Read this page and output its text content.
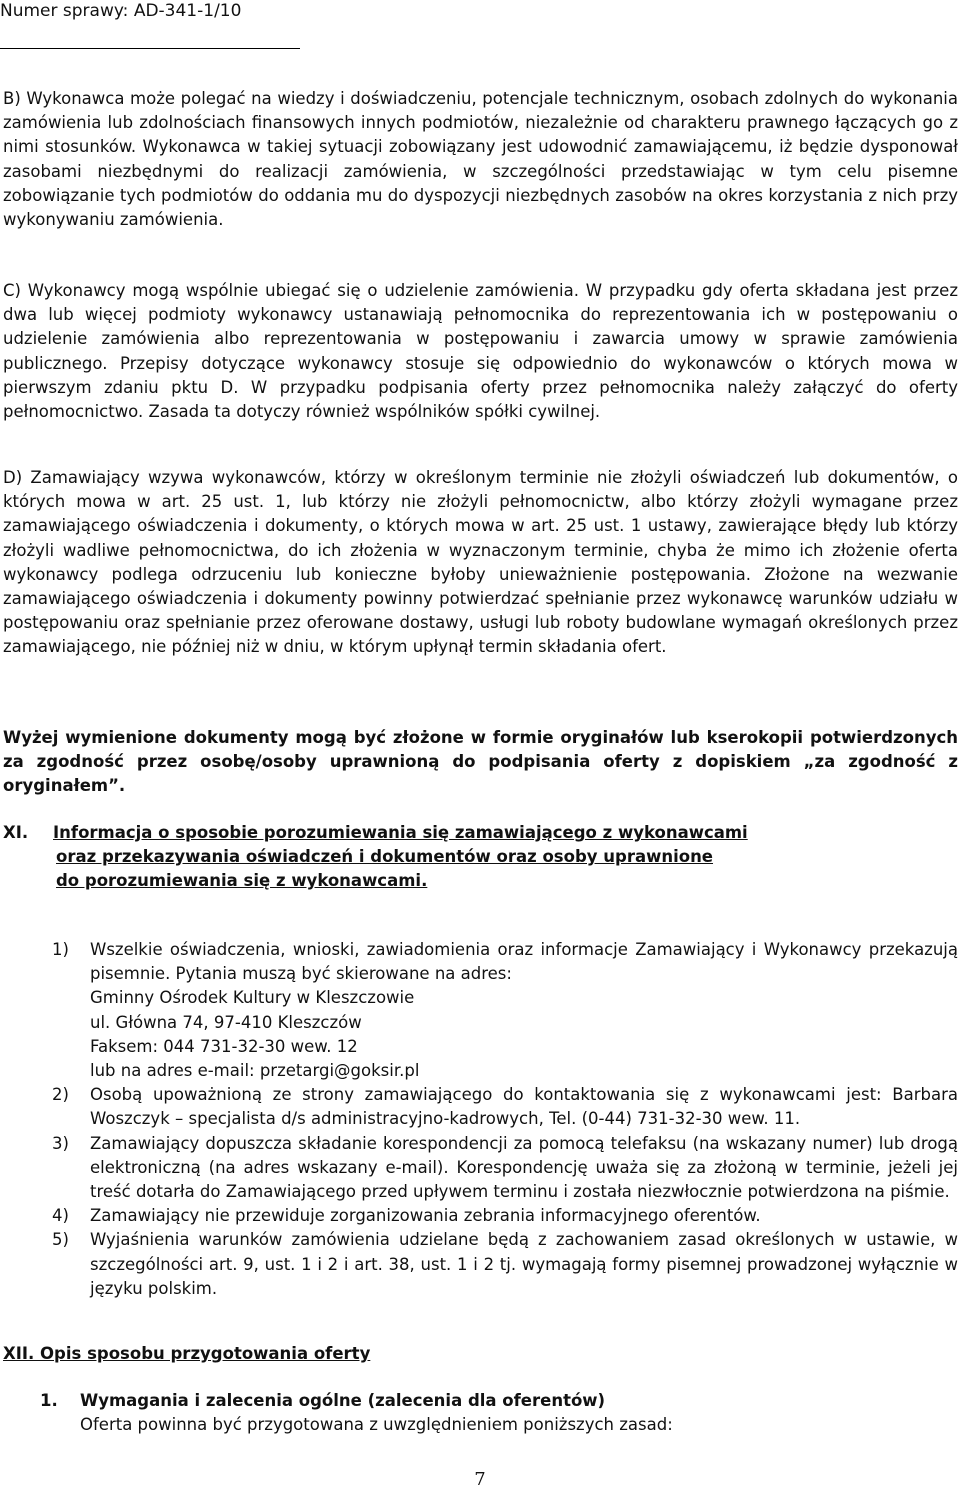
Numer sprawy: AD-341-1/10

B) Wykonawca może polegać na wiedzy i doświadczeniu, potencjale technicznym, osobach zdolnych do wykonania zamówienia lub zdolnościach finansowych innych podmiotów, niezależnie od charakteru prawnego łączących go z nimi stosunków. Wykonawca w takiej sytuacji zobowiązany jest udowodnić zamawiającemu, iż będzie dysponował zasobami niezbędnymi do realizacji zamówienia, w szczególności przedstawiając w tym celu pisemne zobowiązanie tych podmiotów do oddania mu do dyspozycji niezbędnych zasobów na okres korzystania z nich przy wykonywaniu zamówienia.

C) Wykonawcy mogą wspólnie ubiegać się o udzielenie zamówienia. W przypadku gdy oferta składana jest przez dwa lub więcej podmioty wykonawcy ustanawiają pełnomocnika do reprezentowania ich w postępowaniu o udzielenie zamówienia albo reprezentowania w postępowaniu i zawarcia umowy w sprawie zamówienia publicznego. Przepisy dotyczące wykonawcy stosuje się odpowiednio do wykonawców o których mowa w pierwszym zdaniu pktu D. W przypadku podpisania oferty przez pełnomocnika należy załączyć do oferty pełnomocnictwo. Zasada ta dotyczy również wspólników spółki cywilnej.

D) Zamawiający wzywa wykonawców, którzy w określonym terminie nie złożyli oświadczeń lub dokumentów, o których mowa w art. 25 ust. 1, lub którzy nie złożyli pełnomocnictw, albo którzy złożyli wymagane przez zamawiającego oświadczenia i dokumenty, o których mowa w art. 25 ust. 1 ustawy, zawierające błędy lub którzy złożyli wadliwe pełnomocnictwa, do ich złożenia w wyznaczonym terminie, chyba że mimo ich złożenie oferta wykonawcy podlega odrzuceniu lub konieczne byłoby unieważnienie postępowania. Złożone na wezwanie zamawiającego oświadczenia i dokumenty powinny potwierdzać spełnianie przez wykonawcę warunków udziału w postępowaniu oraz spełnianie przez oferowane dostawy, usługi lub roboty budowlane wymagań określonych przez zamawiającego, nie później niż w dniu, w którym upłynął termin składania ofert.

Wyżej wymienione dokumenty mogą być złożone w formie oryginałów lub kserokopii potwierdzonych za zgodność przez osobę/osoby uprawnioną do podpisania oferty z dopiskiem „za zgodność z oryginałem”.

XI. Informacja o sposobie porozumiewania się zamawiającego z wykonawcami
oraz przekazywania oświadczeń i dokumentów oraz osoby uprawnione
do porozumiewania się z wykonawcami.
1) Wszelkie oświadczenia, wnioski, zawiadomienia oraz informacje Zamawiający i Wykonawcy przekazują pisemnie. Pytania muszą być skierowane na adres:
Gminny Ośrodek Kultury w Kleszczowie
ul. Główna 74, 97-410 Kleszczów
Faksem: 044 731-32-30 wew. 12
lub na adres e-mail: przetargi@goksir.pl
2) Osobą upoważnioną ze strony zamawiającego do kontaktowania się z wykonawcami jest: Barbara Woszczyk – specjalista d/s administracyjno-kadrowych, Tel. (0-44) 731-32-30 wew. 11.
3) Zamawiający dopuszcza składanie korespondencji za pomocą telefaksu (na wskazany numer) lub drogą elektroniczną (na adres wskazany e-mail). Korespondencję uważa się za złożoną w terminie, jeżeli jej treść dotarła do Zamawiającego przed upływem terminu i została niezwłocznie potwierdzona na piśmie.
4) Zamawiający nie przewiduje zorganizowania zebrania informacyjnego oferentów.
5) Wyjaśnienia warunków zamówienia udzielane będą z zachowaniem zasad określonych w ustawie, w szczególności art. 9, ust. 1 i 2 i art. 38, ust. 1 i 2 tj. wymagają formy pisemnej prowadzonej wyłącznie w języku polskim.

XII. Opis sposobu przygotowania oferty

1. Wymagania i zalecenia ogólne (zalecenia dla oferentów)
Oferta powinna być przygotowana z uwzględnieniem poniższych zasad:
7
